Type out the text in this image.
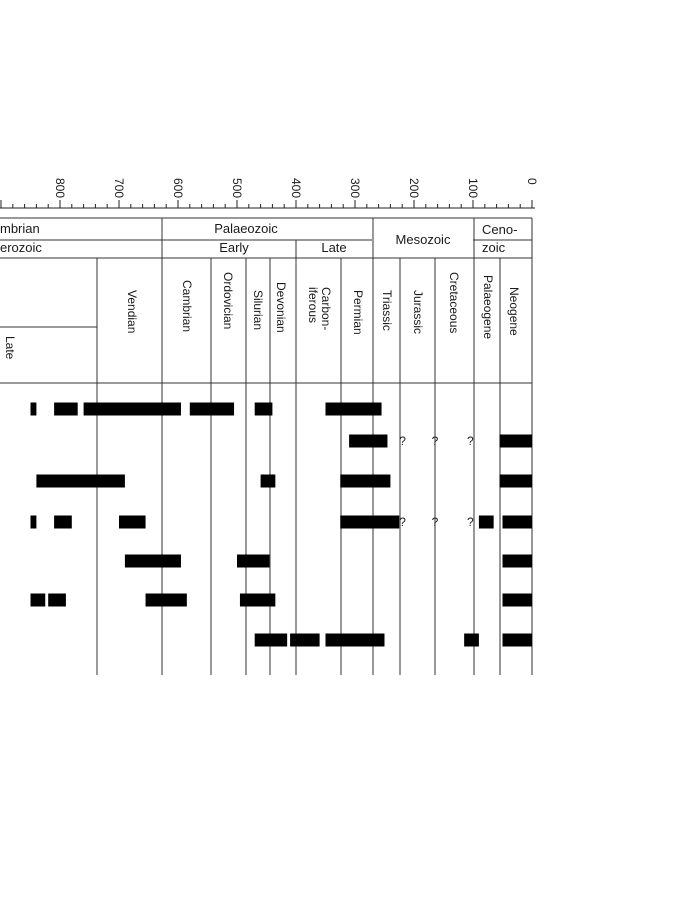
800	700	600	500	400	300	200	100	0
mbrian
erozoic
Palaeozoic
Early	Late
Mesozoic
Ceno-
zoic
Late
Vendian	Cambrian Ordovician Silurian Devonian	Carbon-
iferous	Permian Triassic Jurassic Cretaceous Palaeogene Neogene
? ? ?
? ? ?
